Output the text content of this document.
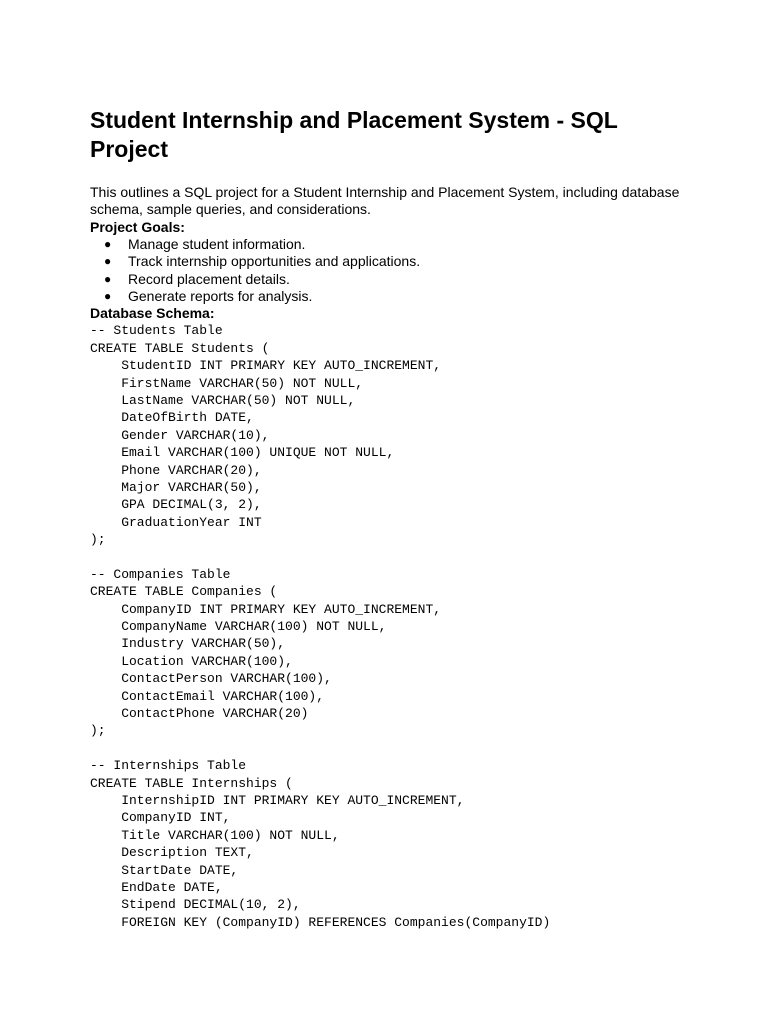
Student Internship and Placement System - SQL Project

This outlines a SQL project for a Student Internship and Placement System, including database schema, sample queries, and considerations.

Project Goals:
● Manage student information.
● Track internship opportunities and applications.
● Record placement details.
● Generate reports for analysis.
Database Schema:
-- Students Table
CREATE TABLE Students (
StudentID INT PRIMARY KEY AUTO_INCREMENT,
FirstName VARCHAR(50) NOT NULL,
LastName VARCHAR(50) NOT NULL,
DateOfBirth DATE,
Gender VARCHAR(10),
Email VARCHAR(100) UNIQUE NOT NULL,
Phone VARCHAR(20),
Major VARCHAR(50),
GPA DECIMAL(3, 2),
GraduationYear INT
);
-- Companies Table
CREATE TABLE Companies (
CompanyID INT PRIMARY KEY AUTO_INCREMENT,
CompanyName VARCHAR(100) NOT NULL,
Industry VARCHAR(50),
Location VARCHAR(100),
ContactPerson VARCHAR(100),
ContactEmail VARCHAR(100),
ContactPhone VARCHAR(20)
);
-- Internships Table
CREATE TABLE Internships (
InternshipID INT PRIMARY KEY AUTO_INCREMENT,
CompanyID INT,
Title VARCHAR(100) NOT NULL,
Description TEXT,
StartDate DATE,
EndDate DATE,
Stipend DECIMAL(10, 2),
FOREIGN KEY (CompanyID) REFERENCES Companies(CompanyID)
